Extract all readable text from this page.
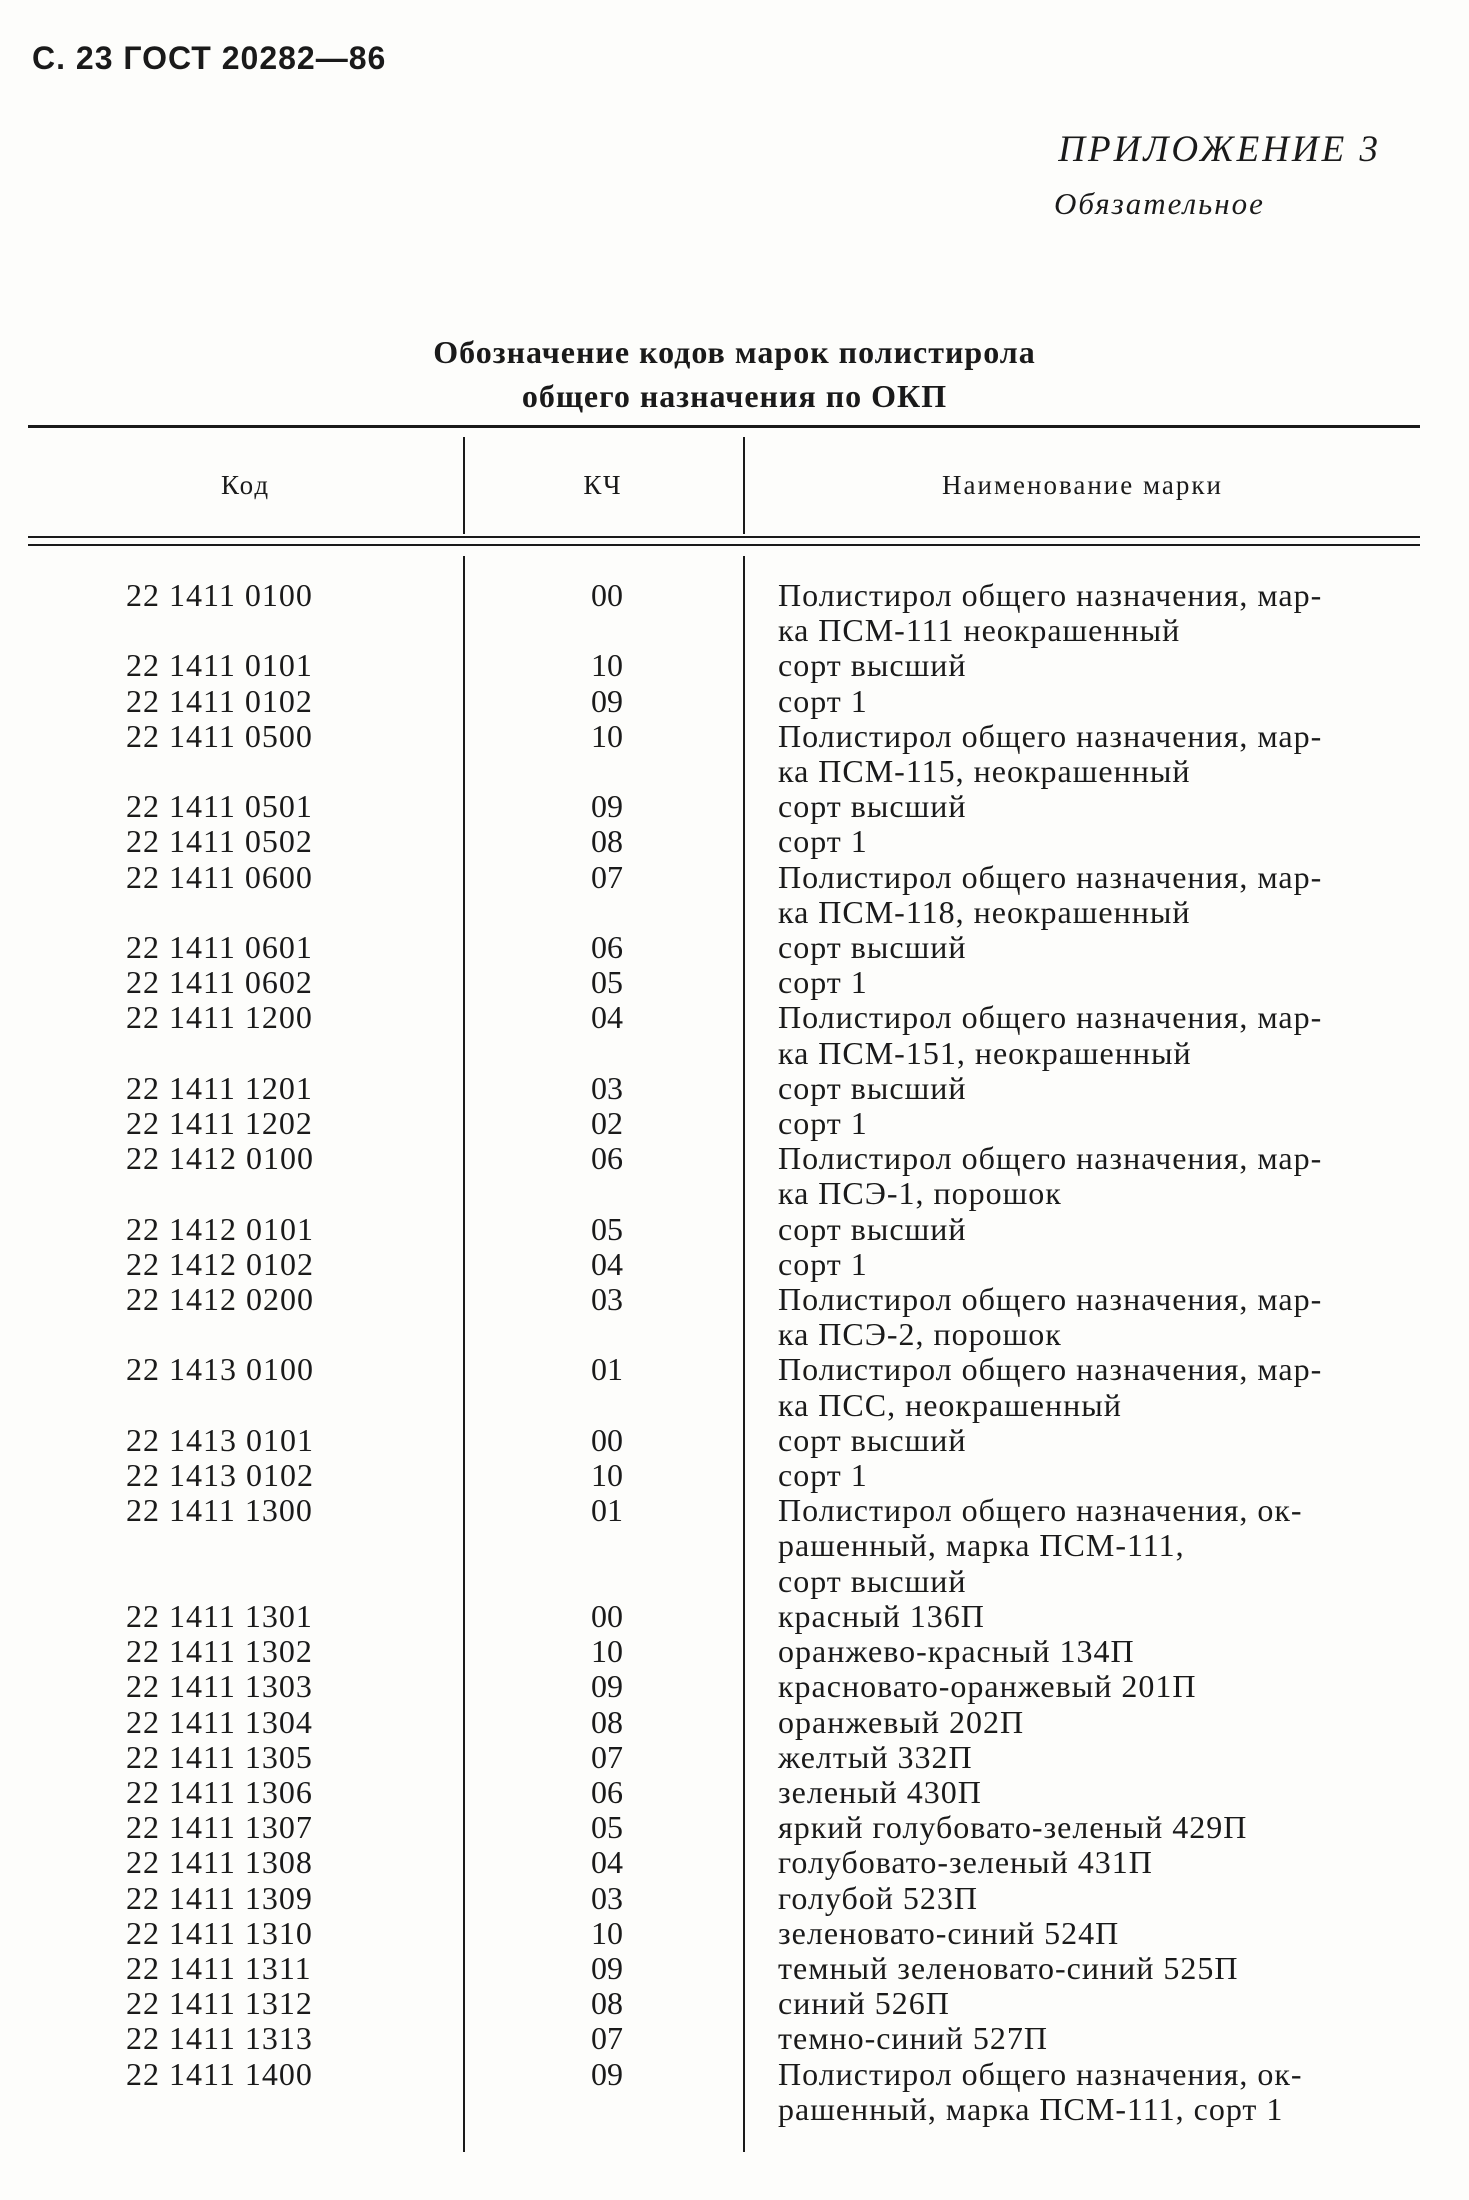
С. 23 ГОСТ 20282—86
ПРИЛОЖЕНИЕ 3
Обязательное
Обозначение кодов марок полистирола
общего назначения по ОКП
Код	КЧ	Наименование марки
22 1411 0100	00	Полистирол общего назначения, мар-
ка ПСМ-111 неокрашенный
22 1411 0101	10	сорт высший
22 1411 0102	09	сорт 1
22 1411 0500	10	Полистирол общего назначения, мар-
ка ПСМ-115, неокрашенный
22 1411 0501	09	сорт высший
22 1411 0502	08	сорт 1
22 1411 0600	07	Полистирол общего назначения, мар-
ка ПСМ-118, неокрашенный
22 1411 0601	06	сорт высший
22 1411 0602	05	сорт 1
22 1411 1200	04	Полистирол общего назначения, мар-
ка ПСМ-151, неокрашенный
22 1411 1201	03	сорт высший
22 1411 1202	02	сорт 1
22 1412 0100	06	Полистирол общего назначения, мар-
ка ПСЭ-1, порошок
22 1412 0101	05	сорт высший
22 1412 0102	04	сорт 1
22 1412 0200	03	Полистирол общего назначения, мар-
ка ПСЭ-2, порошок
22 1413 0100	01	Полистирол общего назначения, мар-
ка ПСС, неокрашенный
22 1413 0101	00	сорт высший
22 1413 0102	10	сорт 1
22 1411 1300	01	Полистирол общего назначения, ок-
рашенный, марка ПСМ-111,
сорт высший
22 1411 1301	00	красный 136П
22 1411 1302	10	оранжево-красный 134П
22 1411 1303	09	красновато-оранжевый 201П
22 1411 1304	08	оранжевый 202П
22 1411 1305	07	желтый 332П
22 1411 1306	06	зеленый 430П
22 1411 1307	05	яркий голубовато-зеленый 429П
22 1411 1308	04	голубовато-зеленый 431П
22 1411 1309	03	голубой 523П
22 1411 1310	10	зеленовато-синий 524П
22 1411 1311	09	темный зеленовато-синий 525П
22 1411 1312	08	синий 526П
22 1411 1313	07	темно-синий 527П
22 1411 1400	09	Полистирол общего назначения, ок-
рашенный, марка ПСМ-111, сорт 1
